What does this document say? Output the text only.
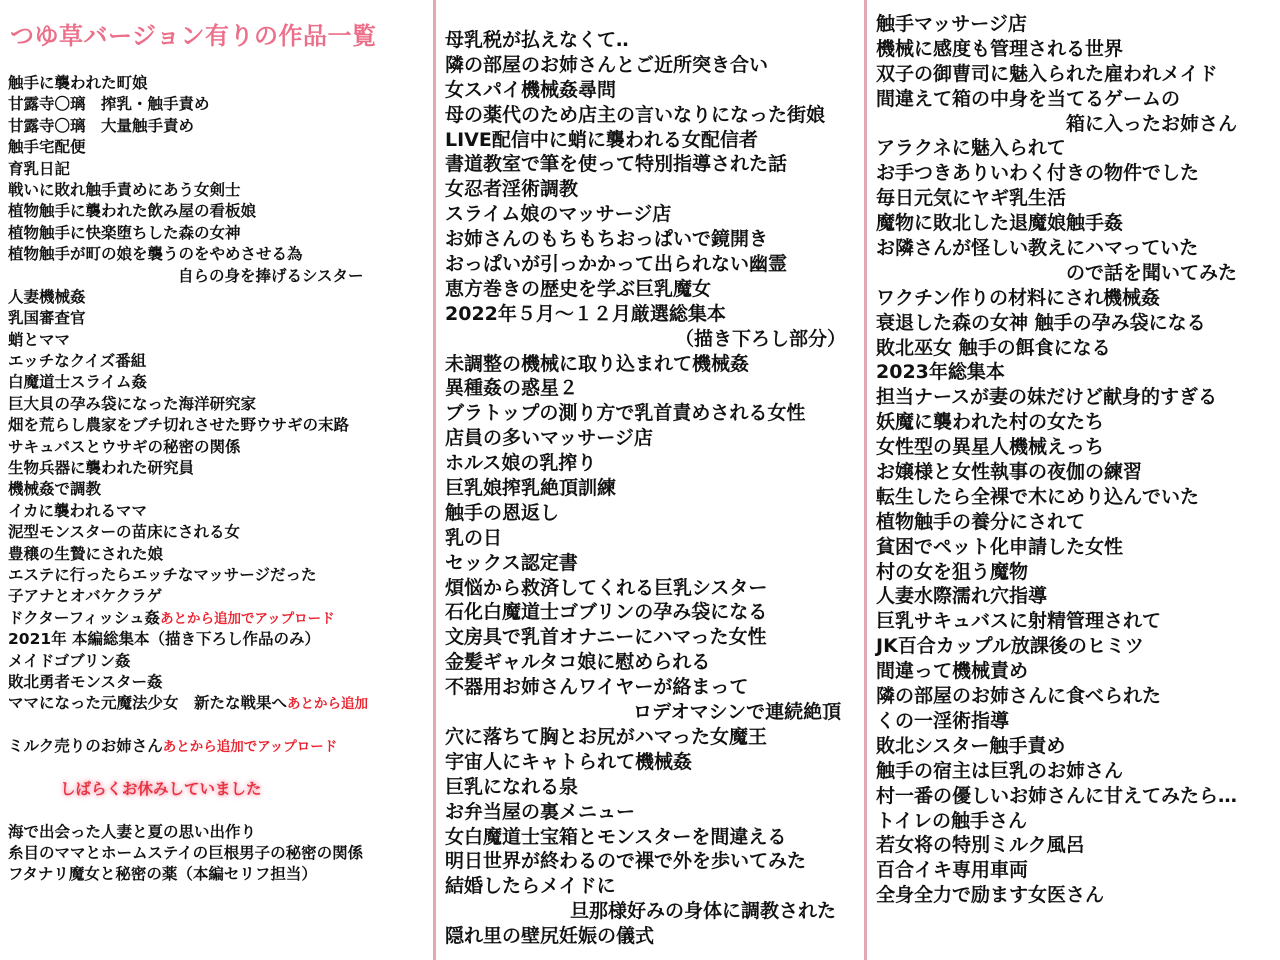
つゆ草バージョン有りの作品一覧
触手に襲われた町娘
甘露寺〇璃　搾乳・触手責め
甘露寺〇璃　大量触手責め
触手宅配便
育乳日記
戦いに敗れ触手責めにあう女剣士
植物触手に襲われた飲み屋の看板娘
植物触手に快楽堕ちした森の女神
植物触手が町の娘を襲うのをやめさせる為
自らの身を捧げるシスター
人妻機械姦
乳国審査官
蛸とママ
エッチなクイズ番組
白魔道士スライム姦
巨大貝の孕み袋になった海洋研究家
畑を荒らし農家をブチ切れさせた野ウサギの末路
サキュバスとウサギの秘密の関係
生物兵器に襲われた研究員
機械姦で調教
イカに襲われるママ
泥型モンスターの苗床にされる女
豊穣の生贄にされた娘
エステに行ったらエッチなマッサージだった
子アナとオバケクラゲ
ドクターフィッシュ姦あとから追加でアップロード
2021年 本編総集本（描き下ろし作品のみ）
メイドゴブリン姦
敗北勇者モンスター姦
ママになった元魔法少女　新たな戦果へあとから追加
ミルク売りのお姉さんあとから追加でアップロード
しばらくお休みしていました
海で出会った人妻と夏の思い出作り
糸目のママとホームステイの巨根男子の秘密の関係
フタナリ魔女と秘密の薬（本編セリフ担当）
母乳税が払えなくて‥
隣の部屋のお姉さんとご近所突き合い
女スパイ機械姦尋問
母の薬代のため店主の言いなりになった街娘
LIVE配信中に蛸に襲われる女配信者
書道教室で筆を使って特別指導された話
女忍者淫術調教
スライム娘のマッサージ店
お姉さんのもちもちおっぱいで鏡開き
おっぱいが引っかかって出られない幽霊
恵方巻きの歴史を学ぶ巨乳魔女
2022年５月～１２月厳選総集本
（描き下ろし部分）
未調整の機械に取り込まれて機械姦
異種姦の惑星２
ブラトップの測り方で乳首責めされる女性
店員の多いマッサージ店
ホルス娘の乳搾り
巨乳娘搾乳絶頂訓練
触手の恩返し
乳の日
セックス認定書
煩悩から救済してくれる巨乳シスター
石化白魔道士ゴブリンの孕み袋になる
文房具で乳首オナニーにハマった女性
金髪ギャルタコ娘に慰められる
不器用お姉さんワイヤーが絡まって
ロデオマシンで連続絶頂
穴に落ちて胸とお尻がハマった女魔王
宇宙人にキャトられて機械姦
巨乳になれる泉
お弁当屋の裏メニュー
女白魔道士宝箱とモンスターを間違える
明日世界が終わるので裸で外を歩いてみた
結婚したらメイドに
旦那様好みの身体に調教された
隠れ里の壁尻妊娠の儀式
触手マッサージ店
機械に感度も管理される世界
双子の御曹司に魅入られた雇われメイド
間違えて箱の中身を当てるゲームの
箱に入ったお姉さん
アラクネに魅入られて
お手つきありいわく付きの物件でした
毎日元気にヤギ乳生活
魔物に敗北した退魔娘触手姦
お隣さんが怪しい教えにハマっていた
ので話を聞いてみた
ワクチン作りの材料にされ機械姦
衰退した森の女神 触手の孕み袋になる
敗北巫女 触手の餌食になる
2023年総集本
担当ナースが妻の妹だけど献身的すぎる
妖魔に襲われた村の女たち
女性型の異星人機械えっち
お嬢様と女性執事の夜伽の練習
転生したら全裸で木にめり込んでいた
植物触手の養分にされて
貧困でペット化申請した女性
村の女を狙う魔物
人妻水際濡れ穴指導
巨乳サキュバスに射精管理されて
JK百合カップル放課後のヒミツ
間違って機械責め
隣の部屋のお姉さんに食べられた
くの一淫術指導
敗北シスター触手責め
触手の宿主は巨乳のお姉さん
村一番の優しいお姉さんに甘えてみたら…
トイレの触手さん
若女将の特別ミルク風呂
百合イキ専用車両
全身全力で励ます女医さん
